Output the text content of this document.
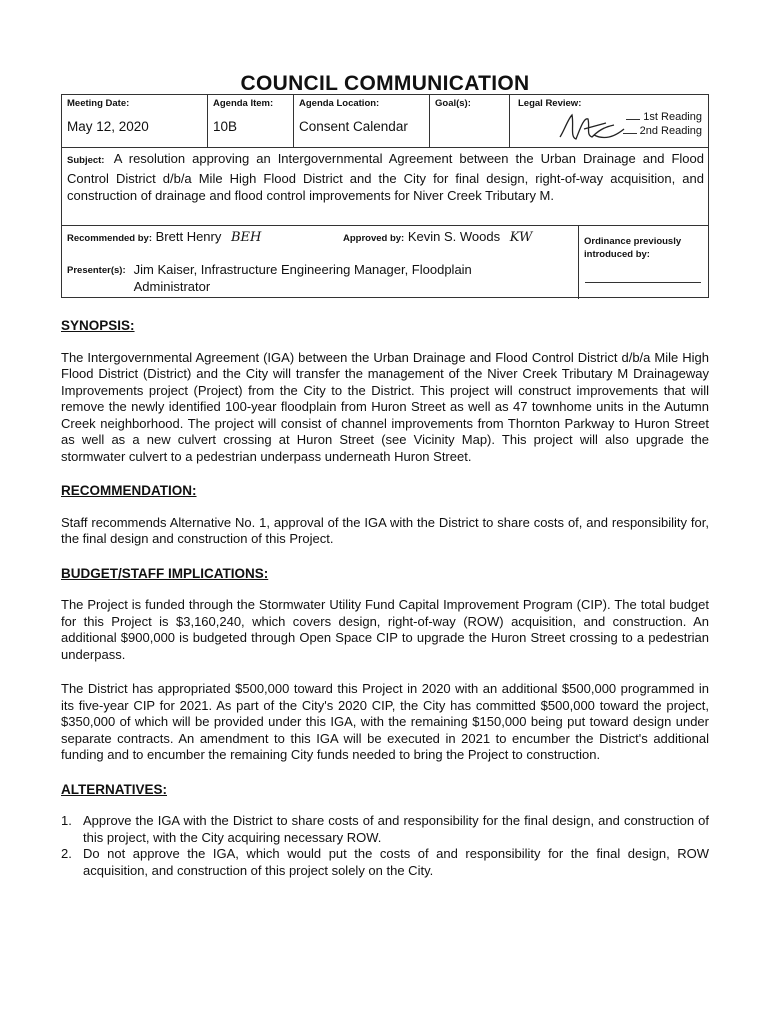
COUNCIL COMMUNICATION
Meeting Date:
May 12, 2020
Agenda Item:
10B
Agenda Location:
Consent Calendar
Goal(s):	Legal Review:
1st Reading
2nd Reading
Subject: A resolution approving an Intergovernmental Agreement between the Urban Drainage and Flood Control District d/b/a Mile High Flood District and the City for final design, right-of-way acquisition, and construction of drainage and flood control improvements for Niver Creek Tributary M.
Recommended by: Brett Henry BEH	Approved by: Kevin S. Woods KW
Presenter(s): Jim Kaiser, Infrastructure Engineering Manager, Floodplain Administrator
Ordinance previously introduced by:
SYNOPSIS:

The Intergovernmental Agreement (IGA) between the Urban Drainage and Flood Control District d/b/a Mile High Flood District (District) and the City will transfer the management of the Niver Creek Tributary M Drainageway Improvements project (Project) from the City to the District. This project will construct improvements that will remove the newly identified 100-year floodplain from Huron Street as well as 47 townhome units in the Autumn Creek neighborhood. The project will consist of channel improvements from Thornton Parkway to Huron Street as well as a new culvert crossing at Huron Street (see Vicinity Map). This project will also upgrade the stormwater culvert to a pedestrian underpass underneath Huron Street.

RECOMMENDATION:

Staff recommends Alternative No. 1, approval of the IGA with the District to share costs of, and responsibility for, the final design and construction of this Project.

BUDGET/STAFF IMPLICATIONS:

The Project is funded through the Stormwater Utility Fund Capital Improvement Program (CIP). The total budget for this Project is $3,160,240, which covers design, right-of-way (ROW) acquisition, and construction. An additional $900,000 is budgeted through Open Space CIP to upgrade the Huron Street crossing to a pedestrian underpass.

The District has appropriated $500,000 toward this Project in 2020 with an additional $500,000 programmed in its five-year CIP for 2021. As part of the City's 2020 CIP, the City has committed $500,000 toward the project, $350,000 of which will be provided under this IGA, with the remaining $150,000 being put toward design under separate contracts. An amendment to this IGA will be executed in 2021 to encumber the District's additional funding and to encumber the remaining City funds needed to bring the Project to construction.

ALTERNATIVES:
1. Approve the IGA with the District to share costs of and responsibility for the final design, and construction of this project, with the City acquiring necessary ROW.
2. Do not approve the IGA, which would put the costs of and responsibility for the final design, ROW acquisition, and construction of this project solely on the City.
